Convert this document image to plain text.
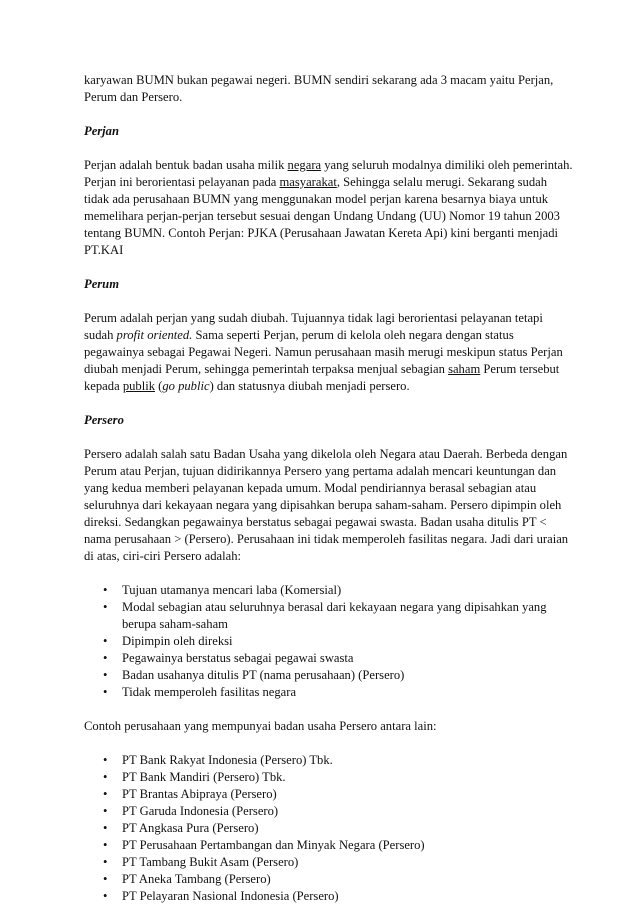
karyawan BUMN bukan pegawai negeri. BUMN sendiri sekarang ada 3 macam yaitu Perjan,
Perum dan Persero.
Perjan
Perjan adalah bentuk badan usaha milik negara yang seluruh modalnya dimiliki oleh pemerintah.
Perjan ini berorientasi pelayanan pada masyarakat, Sehingga selalu merugi. Sekarang sudah
tidak ada perusahaan BUMN yang menggunakan model perjan karena besarnya biaya untuk
memelihara perjan-perjan tersebut sesuai dengan Undang Undang (UU) Nomor 19 tahun 2003
tentang BUMN. Contoh Perjan: PJKA (Perusahaan Jawatan Kereta Api) kini berganti menjadi
PT.KAI
Perum
Perum adalah perjan yang sudah diubah. Tujuannya tidak lagi berorientasi pelayanan tetapi
sudah profit oriented. Sama seperti Perjan, perum di kelola oleh negara dengan status
pegawainya sebagai Pegawai Negeri. Namun perusahaan masih merugi meskipun status Perjan
diubah menjadi Perum, sehingga pemerintah terpaksa menjual sebagian saham Perum tersebut
kepada publik (go public) dan statusnya diubah menjadi persero.
Persero
Persero adalah salah satu Badan Usaha yang dikelola oleh Negara atau Daerah. Berbeda dengan
Perum atau Perjan, tujuan didirikannya Persero yang pertama adalah mencari keuntungan dan
yang kedua memberi pelayanan kepada umum. Modal pendiriannya berasal sebagian atau
seluruhnya dari kekayaan negara yang dipisahkan berupa saham-saham. Persero dipimpin oleh
direksi. Sedangkan pegawainya berstatus sebagai pegawai swasta. Badan usaha ditulis PT <
nama perusahaan > (Persero). Perusahaan ini tidak memperoleh fasilitas negara. Jadi dari uraian
di atas, ciri-ciri Persero adalah:
• Tujuan utamanya mencari laba (Komersial)
• Modal sebagian atau seluruhnya berasal dari kekayaan negara yang dipisahkan yang
berupa saham-saham
• Dipimpin oleh direksi
• Pegawainya berstatus sebagai pegawai swasta
• Badan usahanya ditulis PT (nama perusahaan) (Persero)
• Tidak memperoleh fasilitas negara
Contoh perusahaan yang mempunyai badan usaha Persero antara lain:
• PT Bank Rakyat Indonesia (Persero) Tbk.
• PT Bank Mandiri (Persero) Tbk.
• PT Brantas Abipraya (Persero)
• PT Garuda Indonesia (Persero)
• PT Angkasa Pura (Persero)
• PT Perusahaan Pertambangan dan Minyak Negara (Persero)
• PT Tambang Bukit Asam (Persero)
• PT Aneka Tambang (Persero)
• PT Pelayaran Nasional Indonesia (Persero)
